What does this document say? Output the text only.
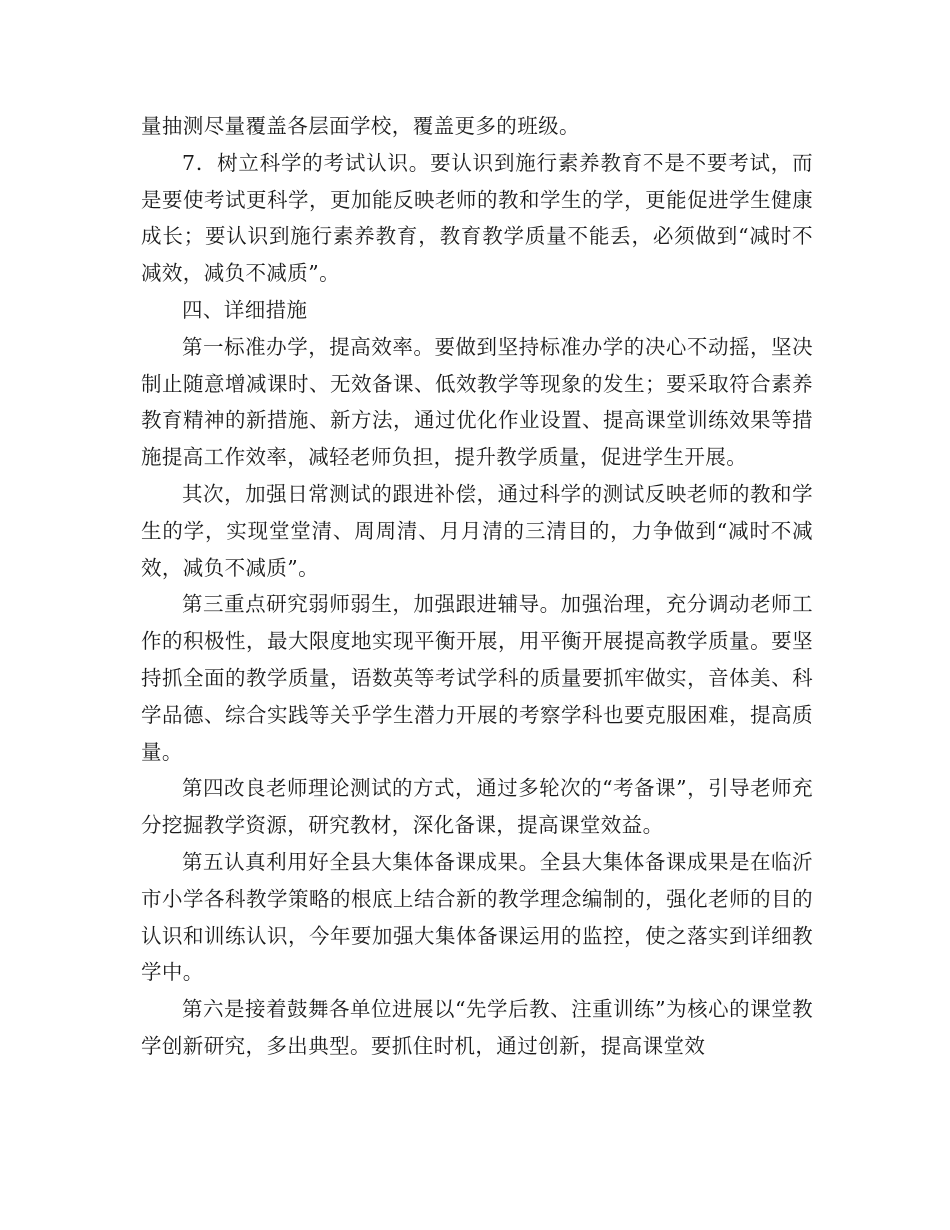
量抽测尽量覆盖各层面学校，覆盖更多的班级。

7．树立科学的考试认识。要认识到施行素养教育不是不要考试，而是要使考试更科学，更加能反映老师的教和学生的学，更能促进学生健康成长；要认识到施行素养教育，教育教学质量不能丢，必须做到“减时不减效，减负不减质”。

四、详细措施

第一标准办学，提高效率。要做到坚持标准办学的决心不动摇，坚决制止随意增减课时、无效备课、低效教学等现象的发生；要采取符合素养教育精神的新措施、新方法，通过优化作业设置、提高课堂训练效果等措施提高工作效率，减轻老师负担，提升教学质量，促进学生开展。

其次，加强日常测试的跟进补偿，通过科学的测试反映老师的教和学生的学，实现堂堂清、周周清、月月清的三清目的，力争做到“减时不减效，减负不减质”。

第三重点研究弱师弱生，加强跟进辅导。加强治理，充分调动老师工作的积极性，最大限度地实现平衡开展，用平衡开展提高教学质量。要坚持抓全面的教学质量，语数英等考试学科的质量要抓牢做实，音体美、科学品德、综合实践等关乎学生潜力开展的考察学科也要克服困难，提高质量。

第四改良老师理论测试的方式，通过多轮次的“考备课”，引导老师充分挖掘教学资源，研究教材，深化备课，提高课堂效益。

第五认真利用好全县大集体备课成果。全县大集体备课成果是在临沂市小学各科教学策略的根底上结合新的教学理念编制的，强化老师的目的认识和训练认识，今年要加强大集体备课运用的监控，使之落实到详细教学中。

第六是接着鼓舞各单位进展以“先学后教、注重训练”为核心的课堂教学创新研究，多出典型。要抓住时机，通过创新，提高课堂效
